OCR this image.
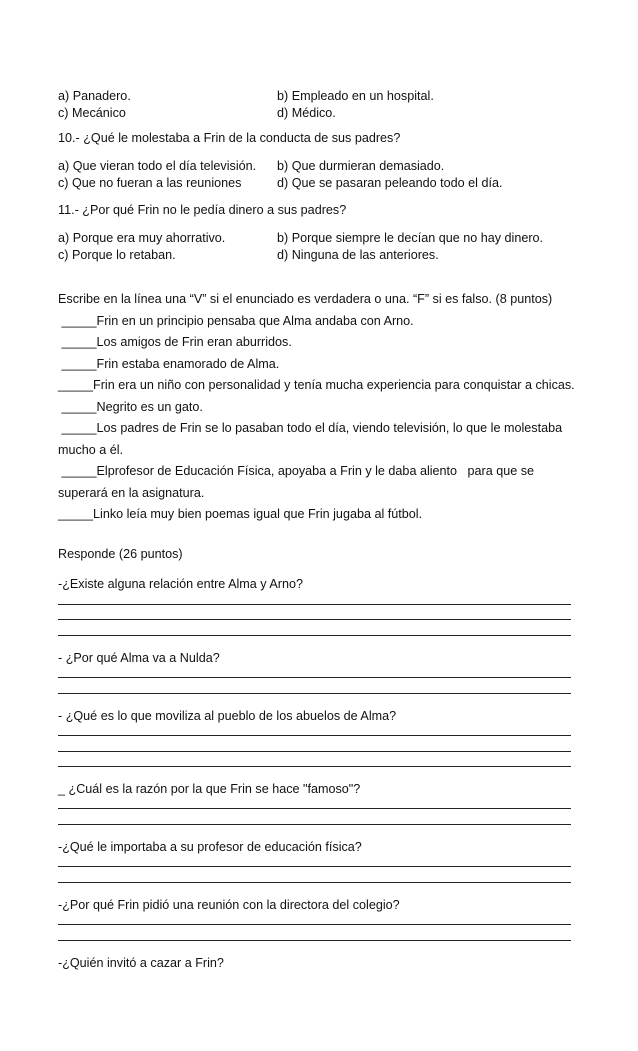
a) Panadero.	b) Empleado en un hospital.
c) Mecánico	d) Médico.
10.- ¿Qué le molestaba a Frin de la conducta de sus padres?
a) Que vieran todo el día televisión. b) Que durmieran demasiado.
c) Que no fueran a las reuniones	d) Que se pasaran peleando todo el día.
11.- ¿Por qué Frin no le pedía dinero a sus padres?
a) Porque era muy ahorrativo.	b) Porque siempre le decían que no hay dinero.
c) Porque lo retaban.	d) Ninguna de las anteriores.
Escribe en la línea una “V” si el enunciado es verdadera o una. “F” si es falso. (8 puntos)
_____Frin en un principio pensaba que Alma andaba con Arno.
_____Los amigos de Frin eran aburridos.
_____Frin estaba enamorado de Alma.
_____Frin era un niño con personalidad y tenía mucha experiencia para conquistar a chicas.
_____Negrito es un gato.
_____Los padres de Frin se lo pasaban todo el día, viendo televisión, lo que le molestaba
mucho a él.
_____Elprofesor de Educación Física, apoyaba a Frin y le daba aliento   para que se
superará en la asignatura.
_____Linko leía muy bien poemas igual que Frin jugaba al fútbol.
Responde (26 puntos)
-¿Existe alguna relación entre Alma y Arno?
- ¿Por qué Alma va a Nulda?
- ¿Qué es lo que moviliza al pueblo de los abuelos de Alma?
_ ¿Cuál es la razón por la que Frin se hace "famoso"?
-¿Qué le importaba a su profesor de educación física?
-¿Por qué Frin pidió una reunión con la directora del colegio?
-¿Quién invitó a cazar a Frin?
